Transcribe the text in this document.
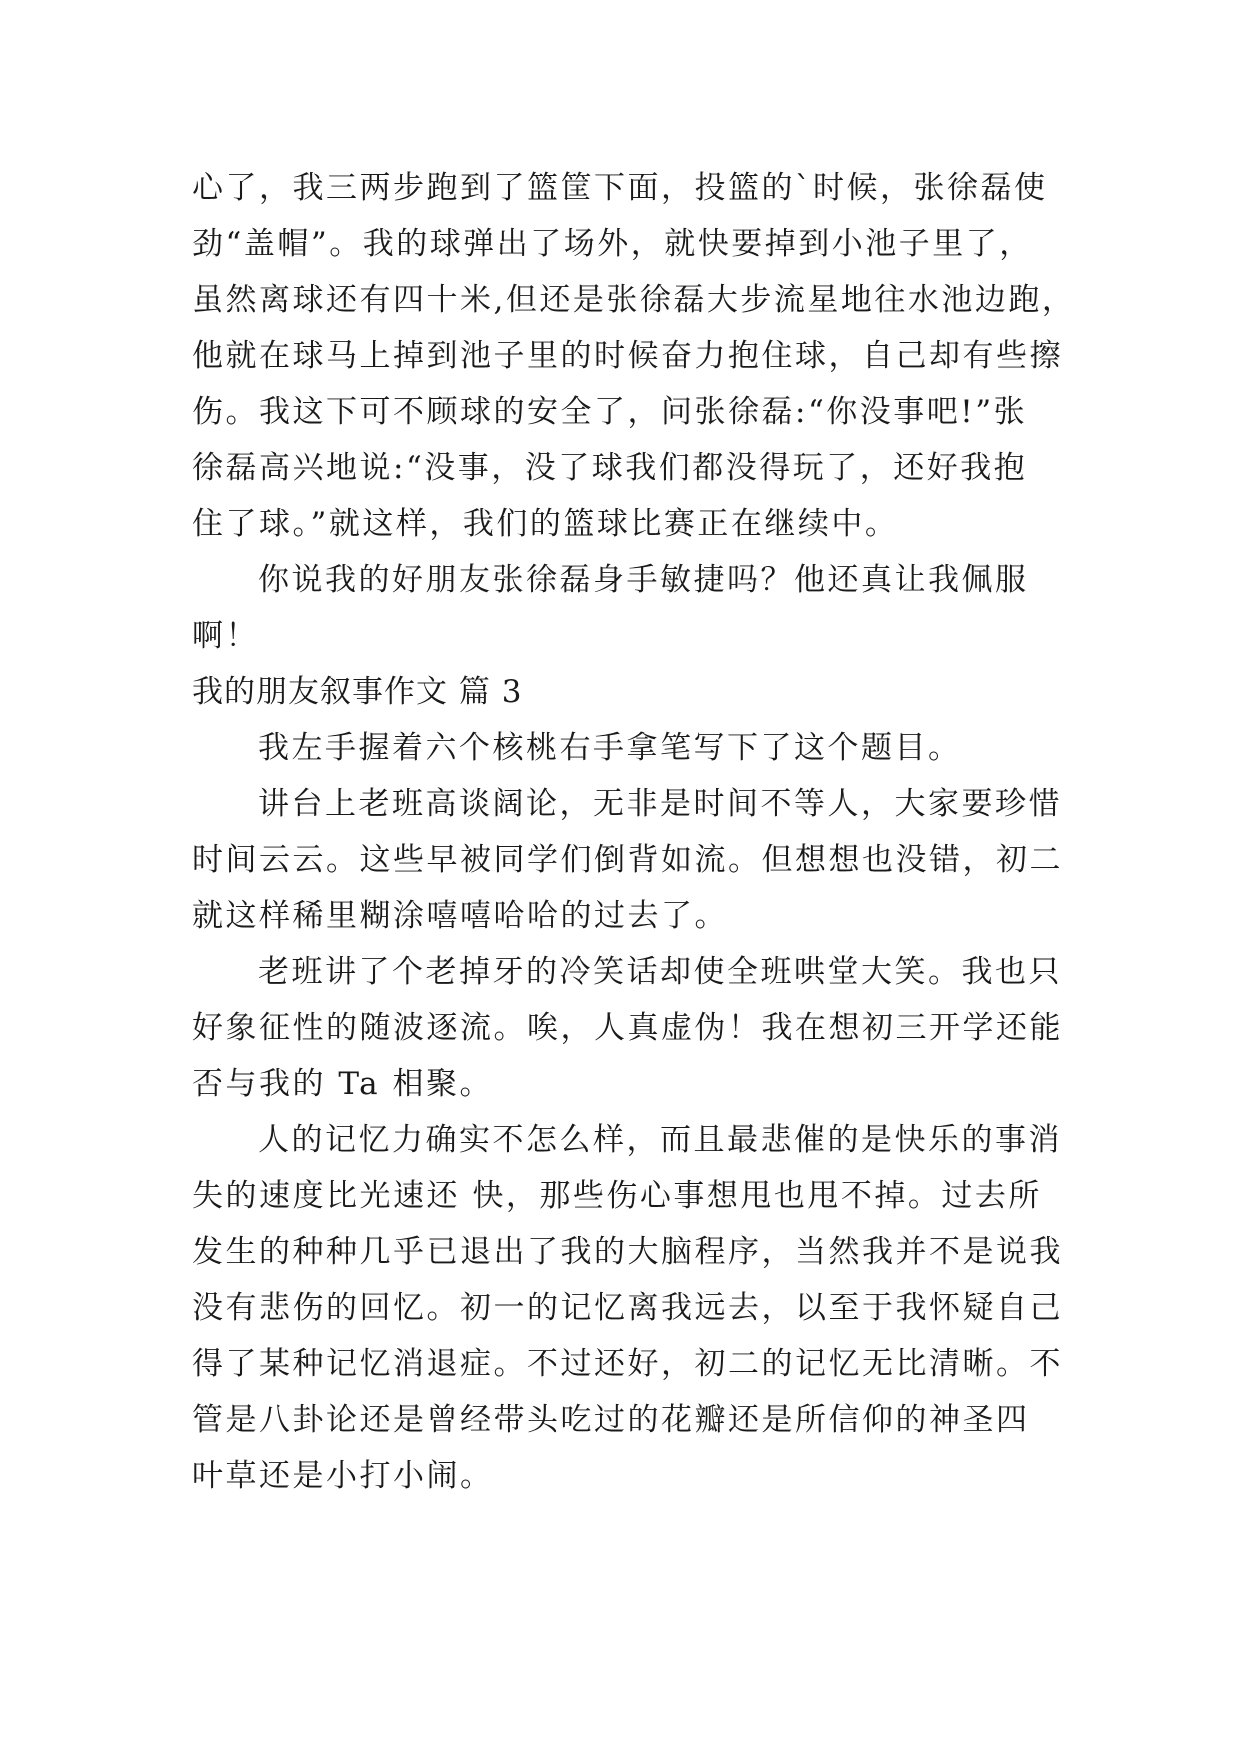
心了，我三两步跑到了篮筐下面，投篮的`时候，张徐磊使
劲“盖帽”。我的球弹出了场外，就快要掉到小池子里了，
虽然离球还有四十米,但还是张徐磊大步流星地往水池边跑，
他就在球马上掉到池子里的时候奋力抱住球，自己却有些擦
伤。我这下可不顾球的安全了，问张徐磊:“你没事吧!”张
徐磊高兴地说:“没事，没了球我们都没得玩了，还好我抱
住了球。”就这样，我们的篮球比赛正在继续中。
你说我的好朋友张徐磊身手敏捷吗？他还真让我佩服
啊！
我的朋友叙事作文 篇 3
我左手握着六个核桃右手拿笔写下了这个题目。
讲台上老班高谈阔论，无非是时间不等人，大家要珍惜
时间云云。这些早被同学们倒背如流。但想想也没错，初二
就这样稀里糊涂嘻嘻哈哈的过去了。
老班讲了个老掉牙的冷笑话却使全班哄堂大笑。我也只
好象征性的随波逐流。唉，人真虚伪！我在想初三开学还能
否与我的 Ta 相聚。
人的记忆力确实不怎么样，而且最悲催的是快乐的事消
失的速度比光速还 快，那些伤心事想甩也甩不掉。过去所
发生的种种几乎已退出了我的大脑程序，当然我并不是说我
没有悲伤的回忆。初一的记忆离我远去，以至于我怀疑自己
得了某种记忆消退症。不过还好，初二的记忆无比清晰。不
管是八卦论还是曾经带头吃过的花瓣还是所信仰的神圣四
叶草还是小打小闹。
